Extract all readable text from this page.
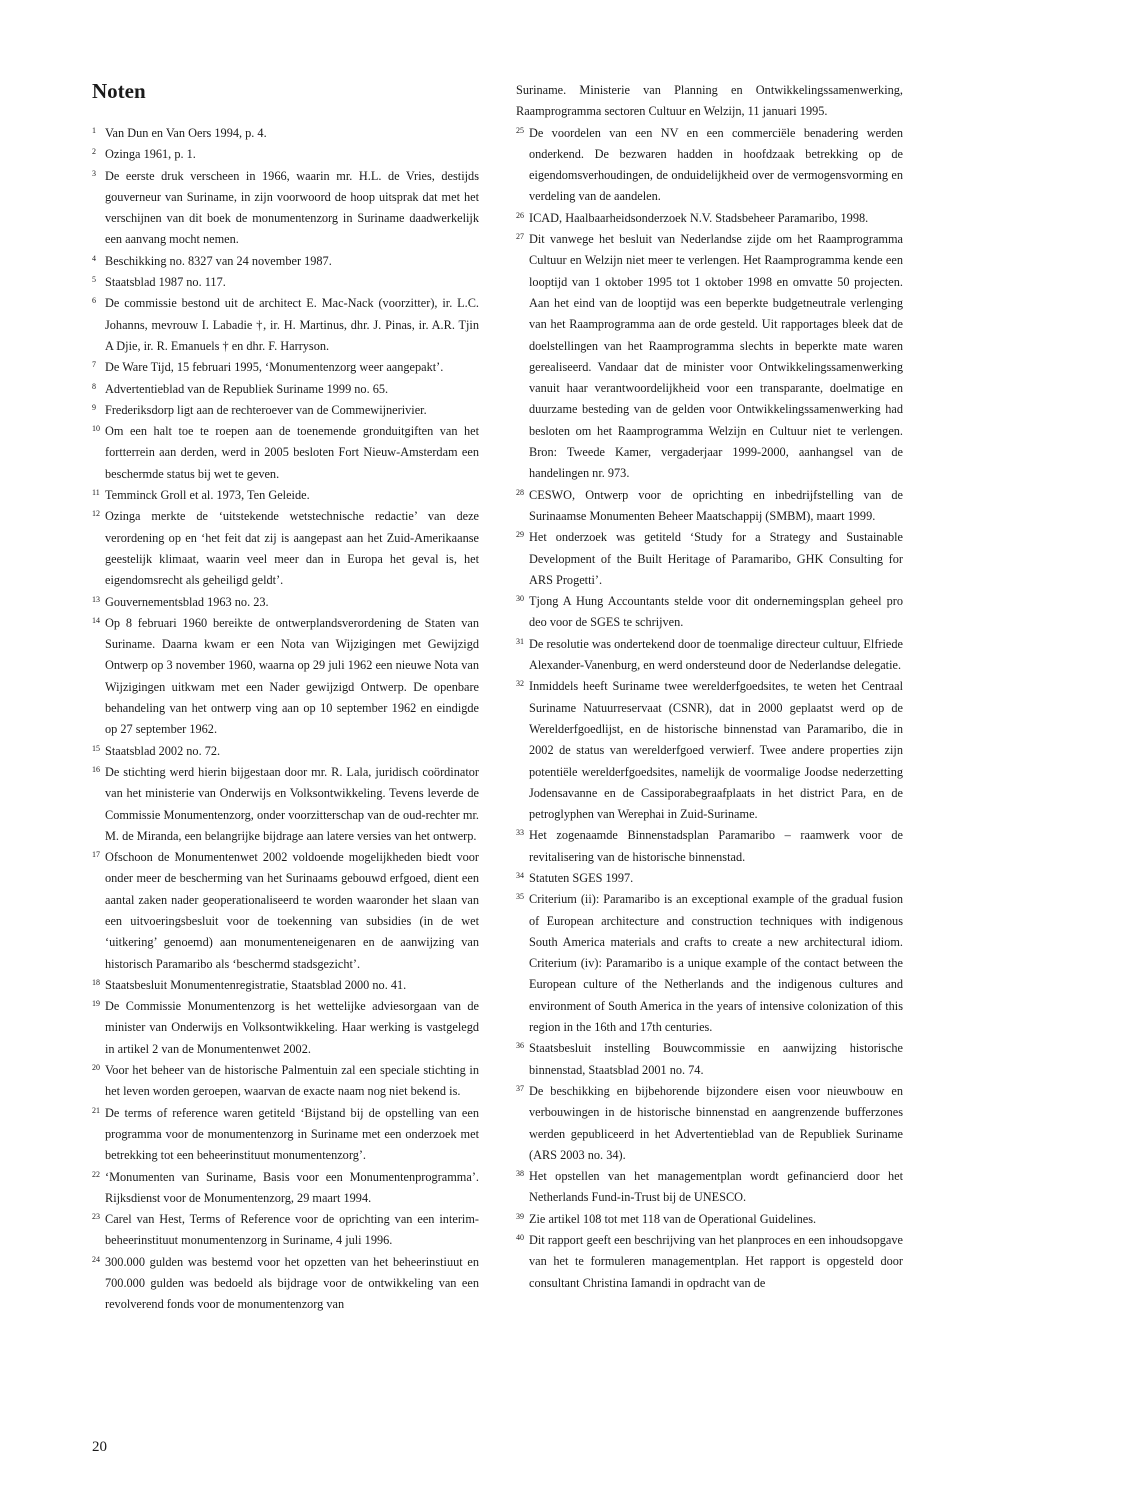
Noten

1 Van Dun en Van Oers 1994, p. 4.

2 Ozinga 1961, p. 1.

3 De eerste druk verscheen in 1966, waarin mr. H.L. de Vries, destijds gouverneur van Suriname, in zijn voorwoord de hoop uitsprak dat met het verschijnen van dit boek de monumentenzorg in Suriname daadwerkelijk een aanvang mocht nemen.

4 Beschikking no. 8327 van 24 november 1987.

5 Staatsblad 1987 no. 117.

6 De commissie bestond uit de architect E. Mac-Nack (voorzitter), ir. L.C. Johanns, mevrouw I. Labadie †, ir. H. Martinus, dhr. J. Pinas, ir. A.R. Tjin A Djie, ir. R. Emanuels † en dhr. F. Harryson.

7 De Ware Tijd, 15 februari 1995, ‘Monumentenzorg weer aangepakt’.

8 Advertentieblad van de Republiek Suriname 1999 no. 65.

9 Frederiksdorp ligt aan de rechteroever van de Commewijnerivier.

10 Om een halt toe te roepen aan de toenemende gronduitgiften van het fortterrein aan derden, werd in 2005 besloten Fort Nieuw-Amsterdam een beschermde status bij wet te geven.

11 Temminck Groll et al. 1973, Ten Geleide.

12 Ozinga merkte de ‘uitstekende wetstechnische redactie’ van deze verordening op en ‘het feit dat zij is aangepast aan het Zuid-Amerikaanse geestelijk klimaat, waarin veel meer dan in Europa het geval is, het eigendomsrecht als geheiligd geldt’.

13 Gouvernementsblad 1963 no. 23.

14 Op 8 februari 1960 bereikte de ontwerplandsverordening de Staten van Suriname. Daarna kwam er een Nota van Wijzigingen met Gewijzigd Ontwerp op 3 november 1960, waarna op 29 juli 1962 een nieuwe Nota van Wijzigingen uitkwam met een Nader gewijzigd Ontwerp. De openbare behandeling van het ontwerp ving aan op 10 september 1962 en eindigde op 27 september 1962.

15 Staatsblad 2002 no. 72.

16 De stichting werd hierin bijgestaan door mr. R. Lala, juridisch coördinator van het ministerie van Onderwijs en Volksontwikkeling. Tevens leverde de Commissie Monumentenzorg, onder voorzitterschap van de oud-rechter mr. M. de Miranda, een belangrijke bijdrage aan latere versies van het ontwerp.

17 Ofschoon de Monumentenwet 2002 voldoende mogelijkheden biedt voor onder meer de bescherming van het Surinaams gebouwd erfgoed, dient een aantal zaken nader geoperationaliseerd te worden waaronder het slaan van een uitvoeringsbesluit voor de toekenning van subsidies (in de wet ‘uitkering’ genoemd) aan monumenteneigenaren en de aanwijzing van historisch Paramaribo als ‘beschermd stadsgezicht’.

18 Staatsbesluit Monumentenregistratie, Staatsblad 2000 no. 41.

19 De Commissie Monumentenzorg is het wettelijke adviesorgaan van de minister van Onderwijs en Volksontwikkeling. Haar werking is vastgelegd in artikel 2 van de Monumentenwet 2002.

20 Voor het beheer van de historische Palmentuin zal een speciale stichting in het leven worden geroepen, waarvan de exacte naam nog niet bekend is.

21 De terms of reference waren getiteld ‘Bijstand bij de opstelling van een programma voor de monumentenzorg in Suriname met een onderzoek met betrekking tot een beheerinstituut monumentenzorg’.

22 ‘Monumenten van Suriname, Basis voor een Monumentenprogramma’. Rijksdienst voor de Monumentenzorg, 29 maart 1994.

23 Carel van Hest, Terms of Reference voor de oprichting van een interim-beheerinstituut monumentenzorg in Suriname, 4 juli 1996.

24 300.000 gulden was bestemd voor het opzetten van het beheerinstiuut en 700.000 gulden was bedoeld als bijdrage voor de ontwikkeling van een revolverend fonds voor de monumentenzorg van

Suriname. Ministerie van Planning en Ontwikkelingssamenwerking, Raamprogramma sectoren Cultuur en Welzijn, 11 januari 1995.

25 De voordelen van een NV en een commerciële benadering werden onderkend. De bezwaren hadden in hoofdzaak betrekking op de eigendomsverhoudingen, de onduidelijkheid over de vermogensvorming en verdeling van de aandelen.

26 ICAD, Haalbaarheidsonderzoek N.V. Stadsbeheer Paramaribo, 1998.

27 Dit vanwege het besluit van Nederlandse zijde om het Raamprogramma Cultuur en Welzijn niet meer te verlengen. Het Raamprogramma kende een looptijd van 1 oktober 1995 tot 1 oktober 1998 en omvatte 50 projecten. Aan het eind van de looptijd was een beperkte budgetneutrale verlenging van het Raamprogramma aan de orde gesteld. Uit rapportages bleek dat de doelstellingen van het Raamprogramma slechts in beperkte mate waren gerealiseerd. Vandaar dat de minister voor Ontwikkelingssamenwerking vanuit haar verantwoordelijkheid voor een transparante, doelmatige en duurzame besteding van de gelden voor Ontwikkelingssamenwerking had besloten om het Raamprogramma Welzijn en Cultuur niet te verlengen. Bron: Tweede Kamer, vergaderjaar 1999-2000, aanhangsel van de handelingen nr. 973.

28 CESWO, Ontwerp voor de oprichting en inbedrijfstelling van de Surinaamse Monumenten Beheer Maatschappij (SMBM), maart 1999.

29 Het onderzoek was getiteld ‘Study for a Strategy and Sustainable Development of the Built Heritage of Paramaribo, GHK Consulting for ARS Progetti’.

30 Tjong A Hung Accountants stelde voor dit ondernemingsplan geheel pro deo voor de SGES te schrijven.

31 De resolutie was ondertekend door de toenmalige directeur cultuur, Elfriede Alexander-Vanenburg, en werd ondersteund door de Nederlandse delegatie.

32 Inmiddels heeft Suriname twee werelderfgoedsites, te weten het Centraal Suriname Natuurreservaat (CSNR), dat in 2000 geplaatst werd op de Werelderfgoedlijst, en de historische binnenstad van Paramaribo, die in 2002 de status van werelderfgoed verwierf. Twee andere properties zijn potentiële werelderfgoedsites, namelijk de voormalige Joodse nederzetting Jodensavanne en de Cassiporabegraafplaats in het district Para, en de petroglyphen van Werephai in Zuid-Suriname.

33 Het zogenaamde Binnenstadsplan Paramaribo – raamwerk voor de revitalisering van de historische binnenstad.

34 Statuten SGES 1997.

35 Criterium (ii): Paramaribo is an exceptional example of the gradual fusion of European architecture and construction techniques with indigenous South America materials and crafts to create a new architectural idiom. Criterium (iv): Paramaribo is a unique example of the contact between the European culture of the Netherlands and the indigenous cultures and environment of South America in the years of intensive colonization of this region in the 16th and 17th centuries.

36 Staatsbesluit instelling Bouwcommissie en aanwijzing historische binnenstad, Staatsblad 2001 no. 74.

37 De beschikking en bijbehorende bijzondere eisen voor nieuwbouw en verbouwingen in de historische binnenstad en aangrenzende bufferzones werden gepubliceerd in het Advertentieblad van de Republiek Suriname (ARS 2003 no. 34).

38 Het opstellen van het managementplan wordt gefinancierd door het Netherlands Fund-in-Trust bij de UNESCO.

39 Zie artikel 108 tot met 118 van de Operational Guidelines.

40 Dit rapport geeft een beschrijving van het planproces en een inhoudsopgave van het te formuleren managementplan. Het rapport is opgesteld door consultant Christina Iamandi in opdracht van de

20
